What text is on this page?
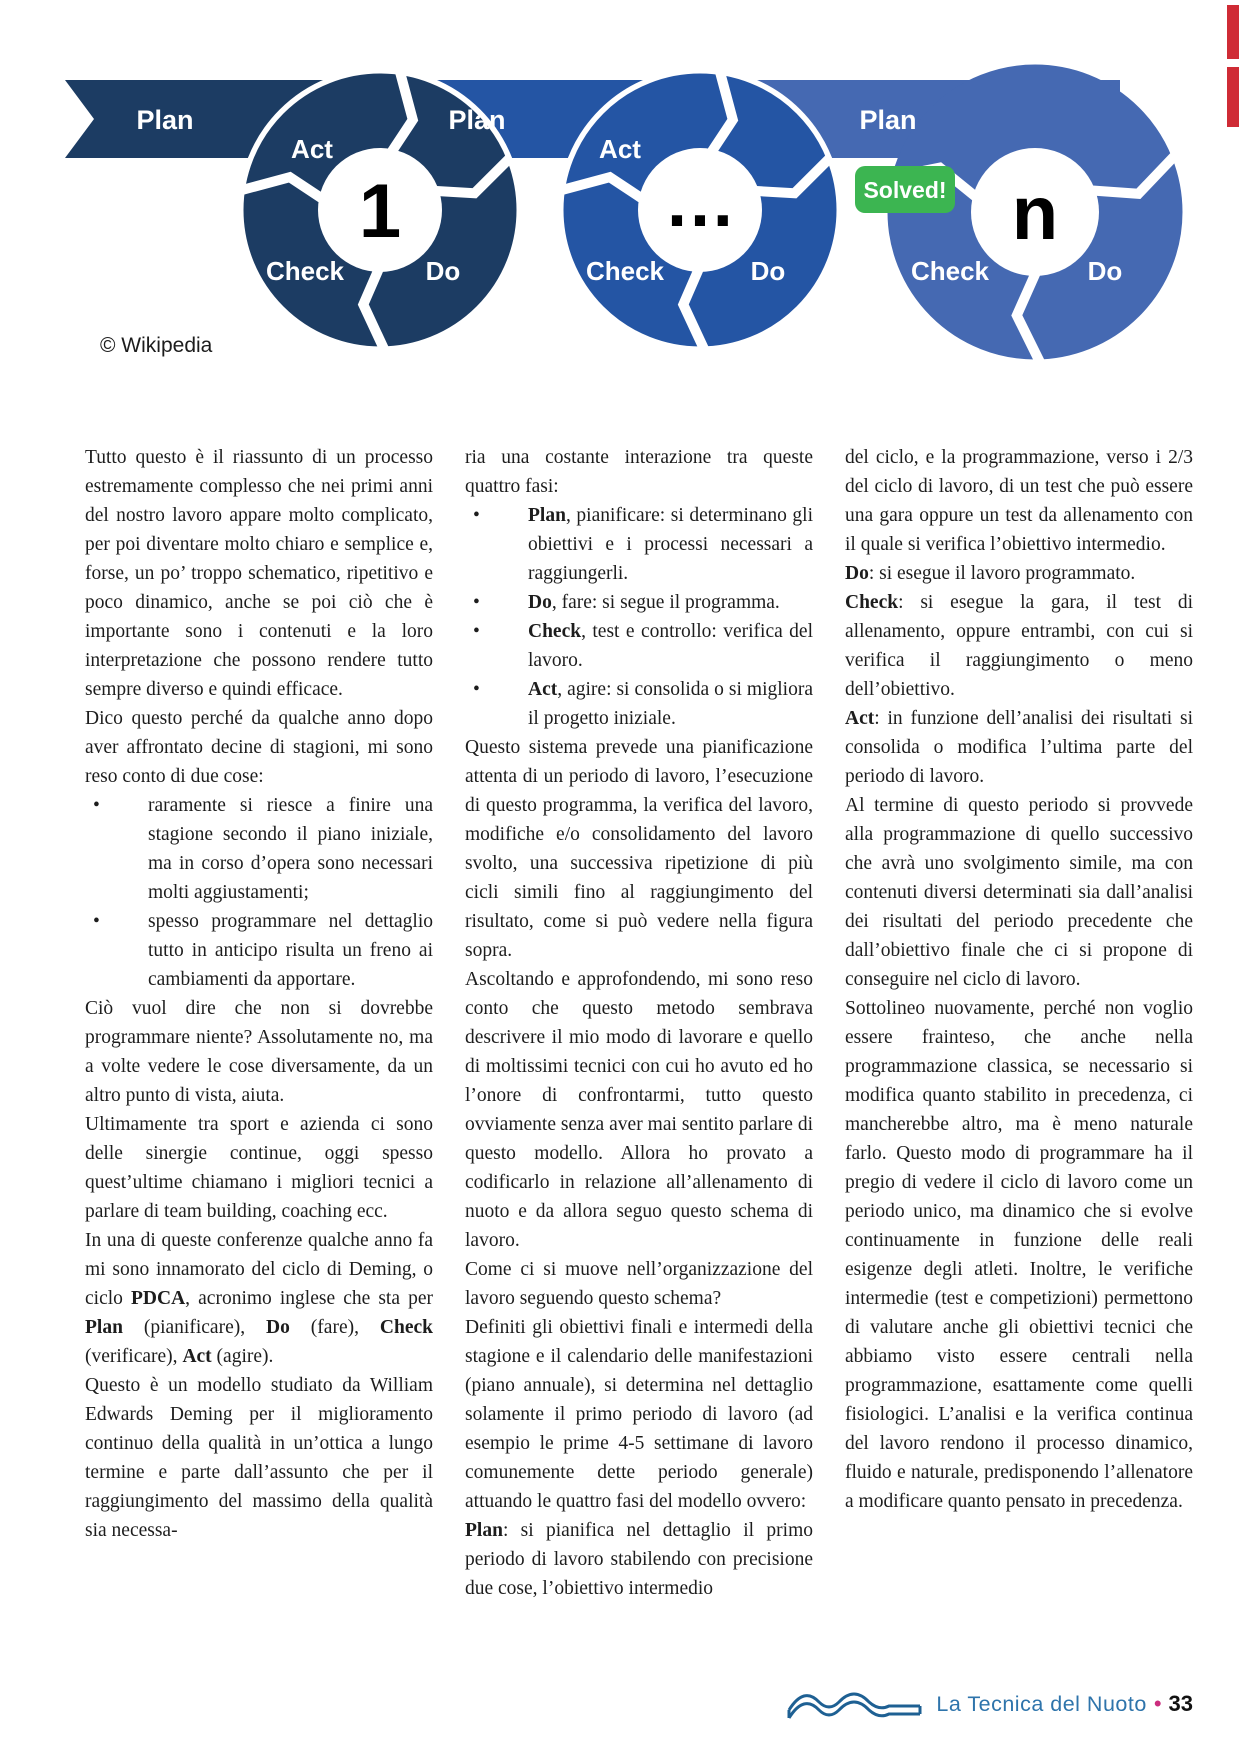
1
Plan
Act
Check	Do
…
Plan
Act
Check	Do
n
Plan
Check	Do
Solved!
© Wikipedia
Tutto questo è il riassunto di un processo estremamente complesso che nei primi anni del nostro lavoro appare molto complicato, per poi diventare molto chiaro e semplice e, forse, un po’ troppo schematico, ripetitivo e poco dinamico, anche se poi ciò che è importante sono i contenuti e la loro interpretazione che possono rendere tutto sempre diverso e quindi efficace.
Dico questo perché da qualche anno dopo aver affrontato decine di stagioni, mi sono reso conto di due cose:
• raramente si riesce a finire una stagione secondo il piano iniziale, ma in corso d’opera sono necessari molti aggiustamenti;
• spesso programmare nel dettaglio tutto in anticipo risulta un freno ai cambiamenti da apportare.
Ciò vuol dire che non si dovrebbe programmare niente? Assolutamente no, ma a volte vedere le cose diversamente, da un altro punto di vista, aiuta.
Ultimamente tra sport e azienda ci sono delle sinergie continue, oggi spesso quest’ultime chiamano i migliori tecnici a parlare di team building, coaching ecc.
In una di queste conferenze qualche anno fa mi sono innamorato del ciclo di Deming, o ciclo PDCA, acronimo inglese che sta per Plan (pianificare), Do (fare), Check (verificare), Act (agire).
Questo è un modello studiato da William Edwards Deming per il miglioramento continuo della qualità in un’ottica a lungo termine e parte dall’assunto che per il raggiungimento del massimo della qualità sia necessa-
ria una costante interazione tra queste quattro fasi:
• Plan, pianificare: si determinano gli obiettivi e i processi necessari a raggiungerli.
• Do, fare: si segue il programma.
• Check, test e controllo: verifica del lavoro.
• Act, agire: si consolida o si migliora il progetto iniziale.
Questo sistema prevede una pianificazione attenta di un periodo di lavoro, l’esecuzione di questo programma, la verifica del lavoro, modifiche e/o consolidamento del lavoro svolto, una successiva ripetizione di più cicli simili fino al raggiungimento del risultato, come si può vedere nella figura sopra.
Ascoltando e approfondendo, mi sono reso conto che questo metodo sembrava descrivere il mio modo di lavorare e quello di moltissimi tecnici con cui ho avuto ed ho l’onore di confrontarmi, tutto questo ovviamente senza aver mai sentito parlare di questo modello. Allora ho provato a codificarlo in relazione all’allenamento di nuoto e da allora seguo questo schema di lavoro.
Come ci si muove nell’organizzazione del lavoro seguendo questo schema?
Definiti gli obiettivi finali e intermedi della stagione e il calendario delle manifestazioni (piano annuale), si determina nel dettaglio solamente il primo periodo di lavoro (ad esempio le prime 4-5 settimane di lavoro comunemente dette periodo generale) attuando le quattro fasi del modello ovvero:
Plan: si pianifica nel dettaglio il primo periodo di lavoro stabilendo con precisione due cose, l’obiettivo intermedio
del ciclo, e la programmazione, verso i 2/3 del ciclo di lavoro, di un test che può essere una gara oppure un test da allenamento con il quale si verifica l’obiettivo intermedio.
Do: si esegue il lavoro programmato.
Check: si esegue la gara, il test di allenamento, oppure entrambi, con cui si verifica il raggiungimento o meno dell’obiettivo.
Act: in funzione dell’analisi dei risultati si consolida o modifica l’ultima parte del periodo di lavoro.
Al termine di questo periodo si provvede alla programmazione di quello successivo che avrà uno svolgimento simile, ma con contenuti diversi determinati sia dall’analisi dei risultati del periodo precedente che dall’obiettivo finale che ci si propone di conseguire nel ciclo di lavoro.
Sottolineo nuovamente, perché non voglio essere frainteso, che anche nella programmazione classica, se necessario si modifica quanto stabilito in precedenza, ci mancherebbe altro, ma è meno naturale farlo. Questo modo di programmare ha il pregio di vedere il ciclo di lavoro come un periodo unico, ma dinamico che si evolve continuamente in funzione delle reali esigenze degli atleti. Inoltre, le verifiche intermedie (test e competizioni) permettono di valutare anche gli obiettivi tecnici che abbiamo visto essere centrali nella programmazione, esattamente come quelli fisiologici. L’analisi e la verifica continua del lavoro rendono il processo dinamico, fluido e naturale, predisponendo l’allenatore a modificare quanto pensato in precedenza.
La Tecnica del Nuoto • 33
